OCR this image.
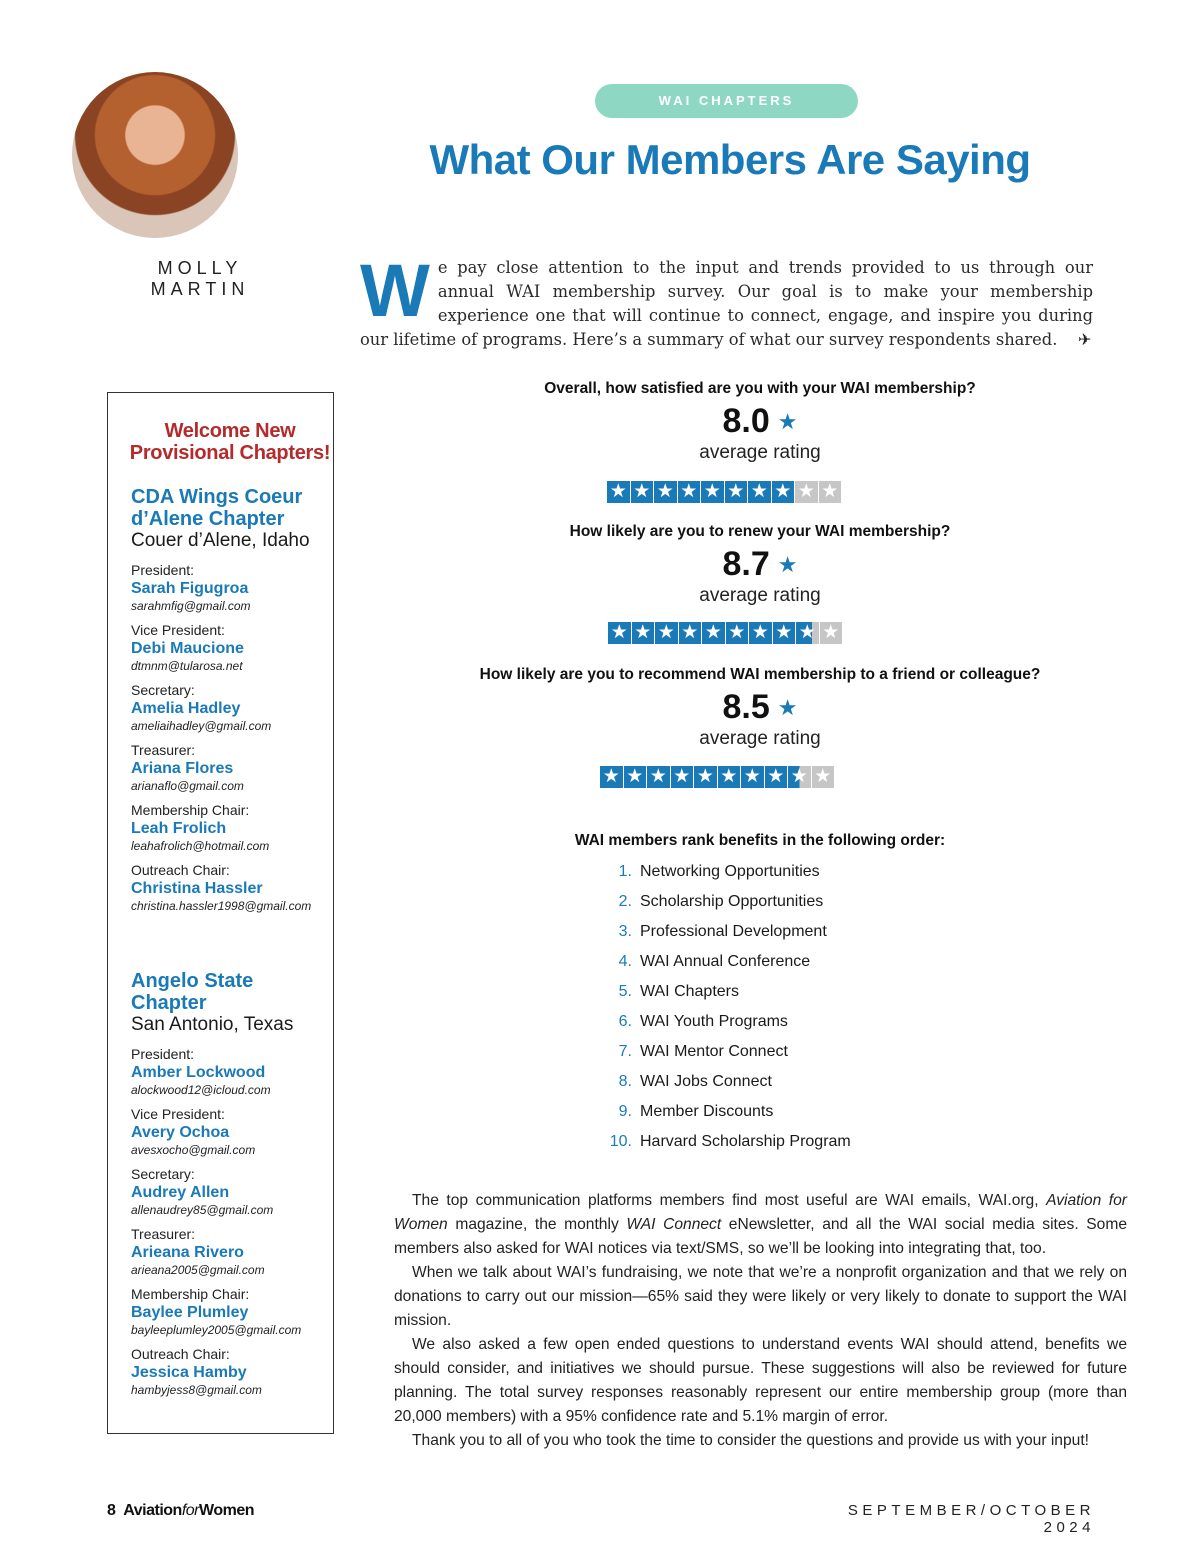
MOLLY
MARTIN
WAI CHAPTERS
What Our Members Are Saying
W e pay close attention to the input and trends provided to us through our annual WAI membership survey. Our goal is to make your membership experience one that will continue to connect, engage, and inspire you during our lifetime of programs. Here’s a summary of what our survey respondents shared.	✈
Welcome New
Provisional Chapters!
CDA Wings Coeur
d’Alene Chapter
Couer d’Alene, Idaho
President:
Sarah Figugroa
sarahmfig@gmail.com
Vice President:
Debi Maucione
dtmnm@tularosa.net
Secretary:
Amelia Hadley
ameliaihadley@gmail.com
Treasurer:
Ariana Flores
arianaflo@gmail.com
Membership Chair:
Leah Frolich
leahafrolich@hotmail.com
Outreach Chair:
Christina Hassler
christina.hassler1998@gmail.com
Angelo State
Chapter
San Antonio, Texas
President:
Amber Lockwood
alockwood12@icloud.com
Vice President:
Avery Ochoa
avesxocho@gmail.com
Secretary:
Audrey Allen
allenaudrey85@gmail.com
Treasurer:
Arieana Rivero
arieana2005@gmail.com
Membership Chair:
Baylee Plumley
bayleeplumley2005@gmail.com
Outreach Chair:
Jessica Hamby
hambyjess8@gmail.com
Overall, how satisfied are you with your WAI membership?
8.0 ★
average rating
★ ★ ★ ★ ★ ★ ★ ★ ★ ★
How likely are you to renew your WAI membership?
8.7 ★
average rating
★ ★ ★ ★ ★ ★ ★ ★ ★ ★
How likely are you to recommend WAI membership to a friend or colleague?
8.5 ★
average rating
★ ★ ★ ★ ★ ★ ★ ★ ★ ★
WAI members rank benefits in the following order:
1. Networking Opportunities
2. Scholarship Opportunities
3. Professional Development
4. WAI Annual Conference
5. WAI Chapters
6. WAI Youth Programs
7. WAI Mentor Connect
8. WAI Jobs Connect
9. Member Discounts
10. Harvard Scholarship Program

The top communication platforms members find most useful are WAI emails, WAI.org, Aviation for Women magazine, the monthly WAI Connect eNewsletter, and all the WAI social media sites. Some members also asked for WAI notices via text/SMS, so we’ll be looking into integrating that, too.

When we talk about WAI’s fundraising, we note that we’re a nonprofit organization and that we rely on donations to carry out our mission—65% said they were likely or very likely to donate to support the WAI mission.

We also asked a few open ended questions to understand events WAI should attend, benefits we should consider, and initiatives we should pursue. These suggestions will also be reviewed for future planning. The total survey responses reasonably represent our entire membership group (more than 20,000 members) with a 95% confidence rate and 5.1% margin of error.

Thank you to all of you who took the time to consider the questions and provide us with your input!

8 AviationforWomen	SEPTEMBER/OCTOBER 2024
